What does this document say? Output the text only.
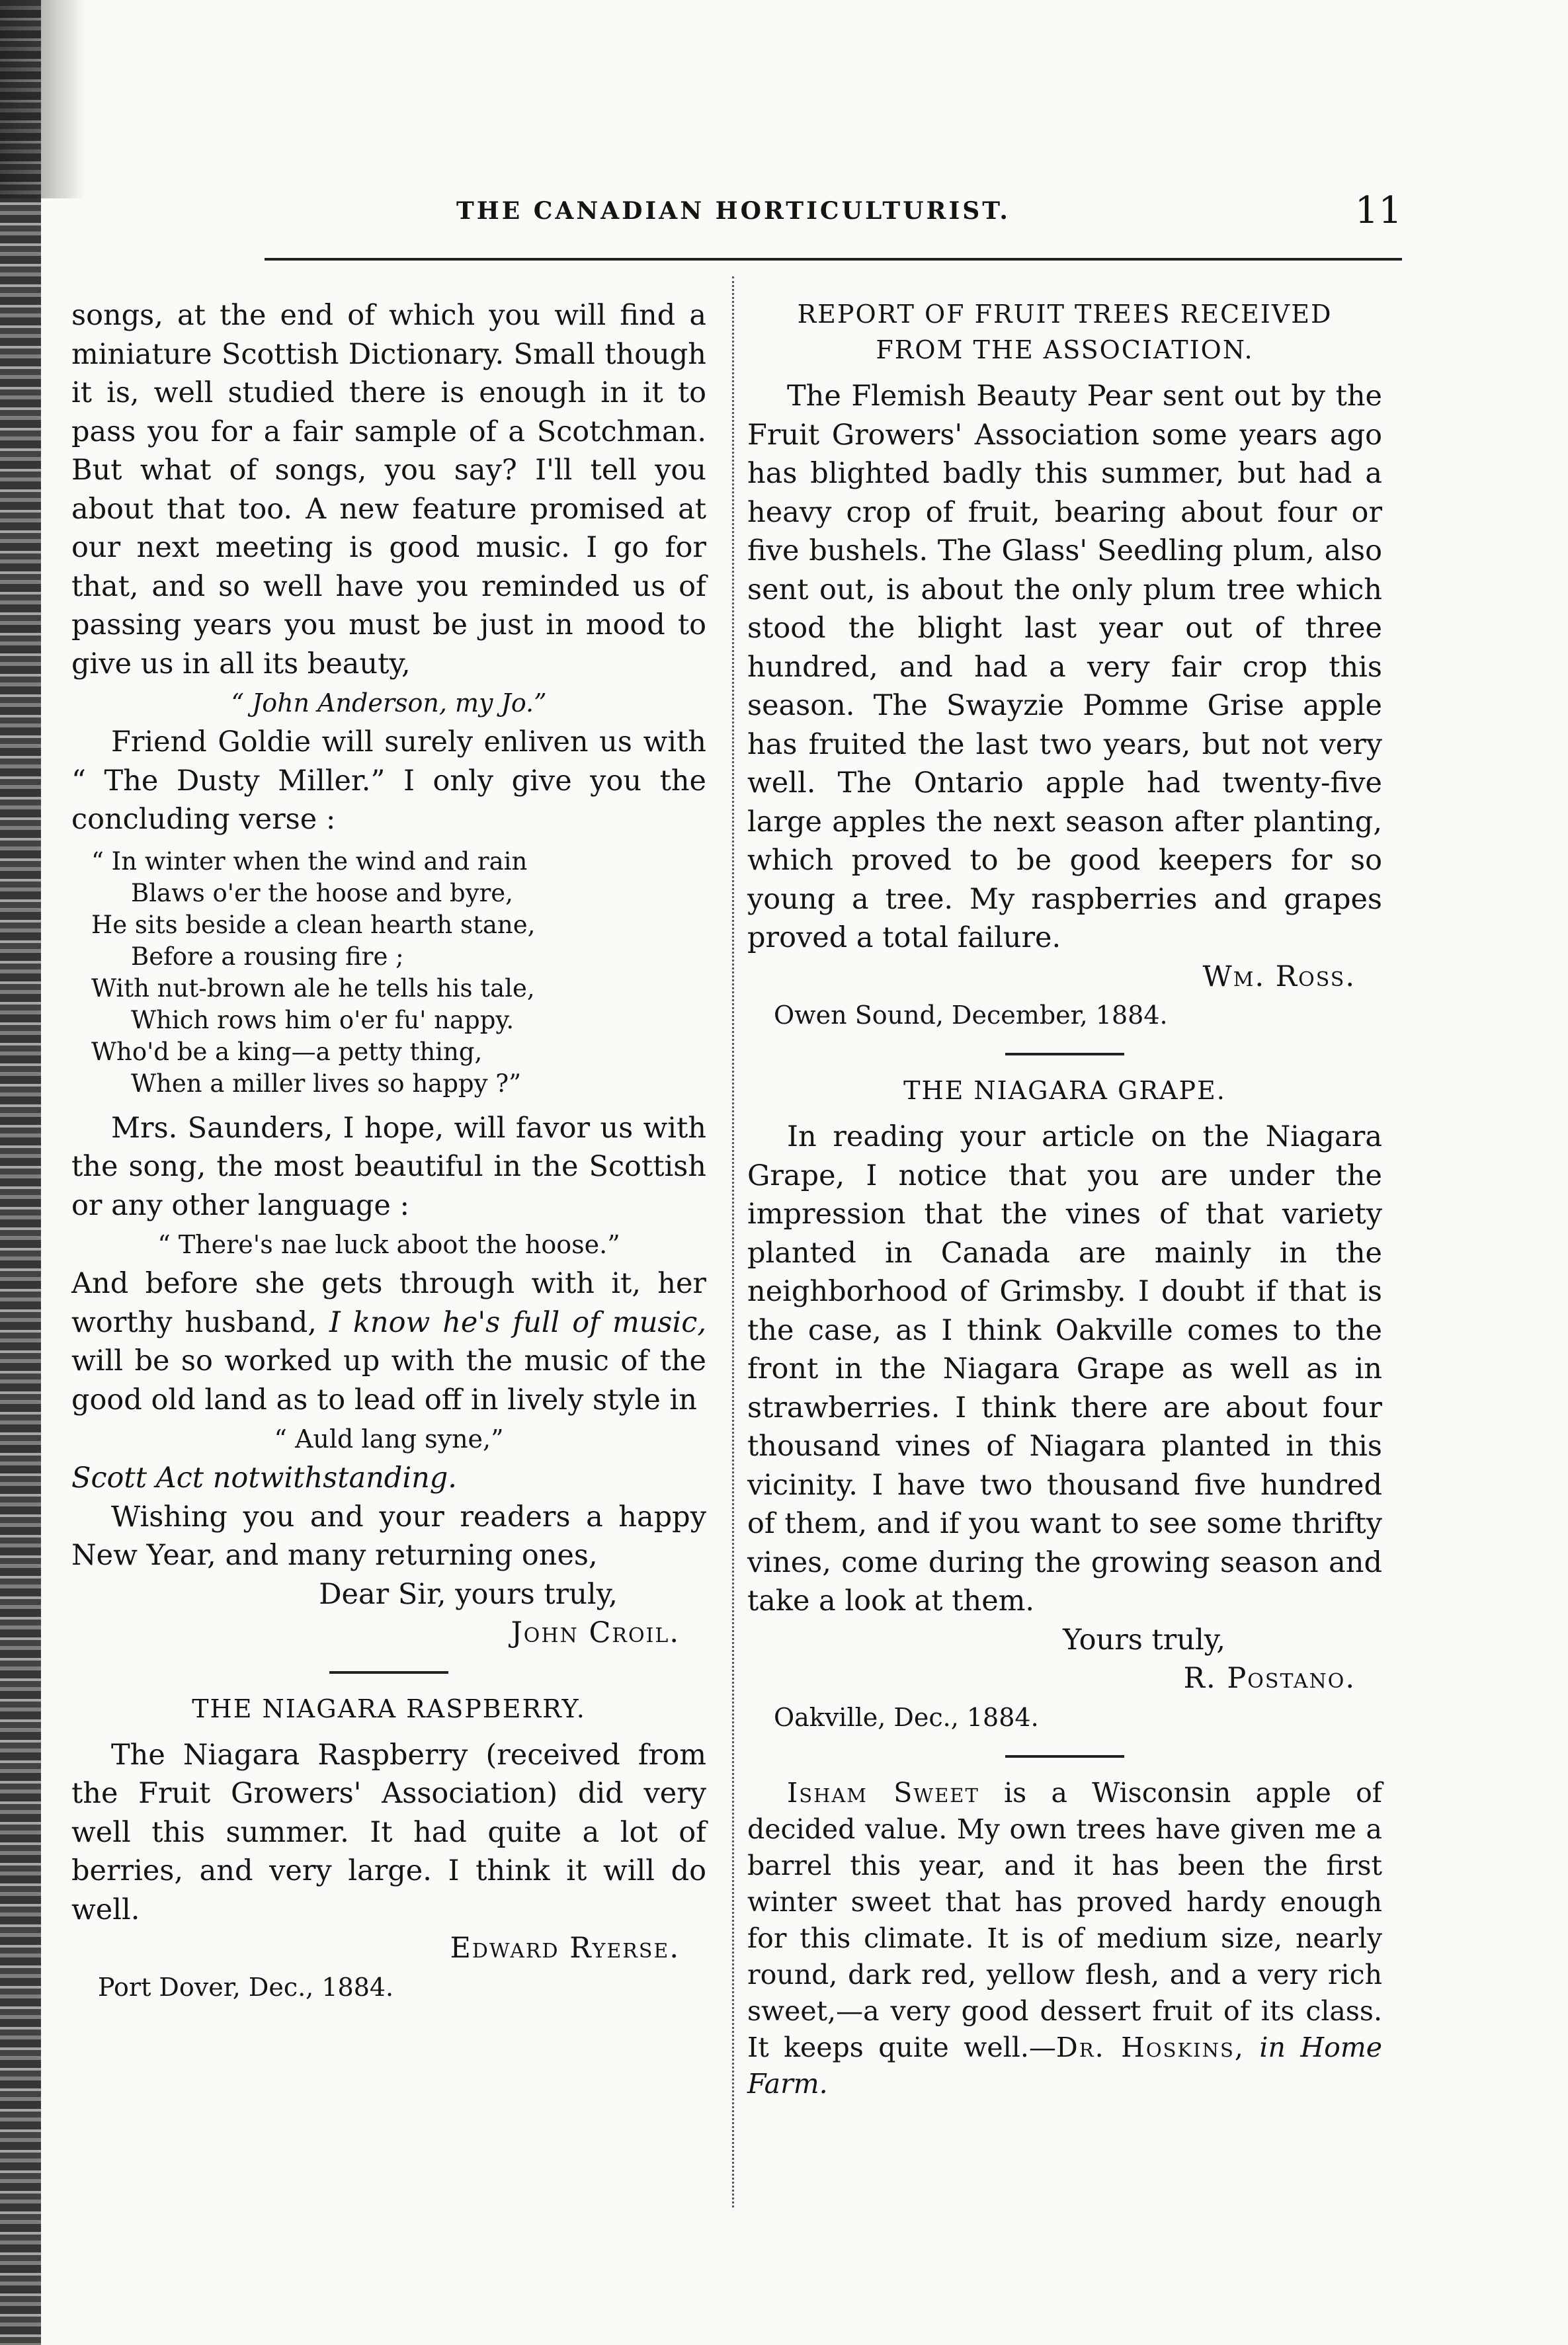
THE CANADIAN HORTICULTURIST.	11

songs, at the end of which you will find a miniature Scottish Dictionary. Small though it is, well studied there is enough in it to pass you for a fair sample of a Scotchman. But what of songs, you say? I'll tell you about that too. A new feature promised at our next meeting is good music. I go for that, and so well have you reminded us of passing years you must be just in mood to give us in all its beauty,

“ John Anderson, my Jo.”

Friend Goldie will surely enliven us with “ The Dusty Miller.” I only give you the concluding verse :

“ In winter when the wind and rain
Blaws o'er the hoose and byre,
He sits beside a clean hearth stane,
Before a rousing fire ;
With nut-brown ale he tells his tale,
Which rows him o'er fu' nappy.
Who'd be a king—a petty thing,
When a miller lives so happy ?”

Mrs. Saunders, I hope, will favor us with the song, the most beautiful in the Scottish or any other language :

“ There's nae luck aboot the hoose.”

And before she gets through with it, her worthy husband, I know he's full of music, will be so worked up with the music of the good old land as to lead off in lively style in

“ Auld lang syne,”

Scott Act notwithstanding.

Wishing you and your readers a happy New Year, and many returning ones,

Dear Sir, yours truly,

John Croil.

THE NIAGARA RASPBERRY.

The Niagara Raspberry (received from the Fruit Growers' Association) did very well this summer. It had quite a lot of berries, and very large. I think it will do well.

Edward Ryerse.

Port Dover, Dec., 1884.

REPORT OF FRUIT TREES RECEIVED

FROM THE ASSOCIATION.

The Flemish Beauty Pear sent out by the Fruit Growers' Association some years ago has blighted badly this summer, but had a heavy crop of fruit, bearing about four or five bushels. The Glass' Seedling plum, also sent out, is about the only plum tree which stood the blight last year out of three hundred, and had a very fair crop this season. The Swayzie Pomme Grise apple has fruited the last two years, but not very well. The Ontario apple had twenty-five large apples the next season after planting, which proved to be good keepers for so young a tree. My raspberries and grapes proved a total failure.

Wm. Ross.

Owen Sound, December, 1884.

THE NIAGARA GRAPE.

In reading your article on the Niagara Grape, I notice that you are under the impression that the vines of that variety planted in Canada are mainly in the neighborhood of Grimsby. I doubt if that is the case, as I think Oakville comes to the front in the Niagara Grape as well as in strawberries. I think there are about four thousand vines of Niagara planted in this vicinity. I have two thousand five hundred of them, and if you want to see some thrifty vines, come during the growing season and take a look at them.

Yours truly,

R. Postano.

Oakville, Dec., 1884.

Isham Sweet is a Wisconsin apple of decided value. My own trees have given me a barrel this year, and it has been the first winter sweet that has proved hardy enough for this climate. It is of medium size, nearly round, dark red, yellow flesh, and a very rich sweet,—a very good dessert fruit of its class. It keeps quite well.—Dr. Hoskins, in Home Farm.
